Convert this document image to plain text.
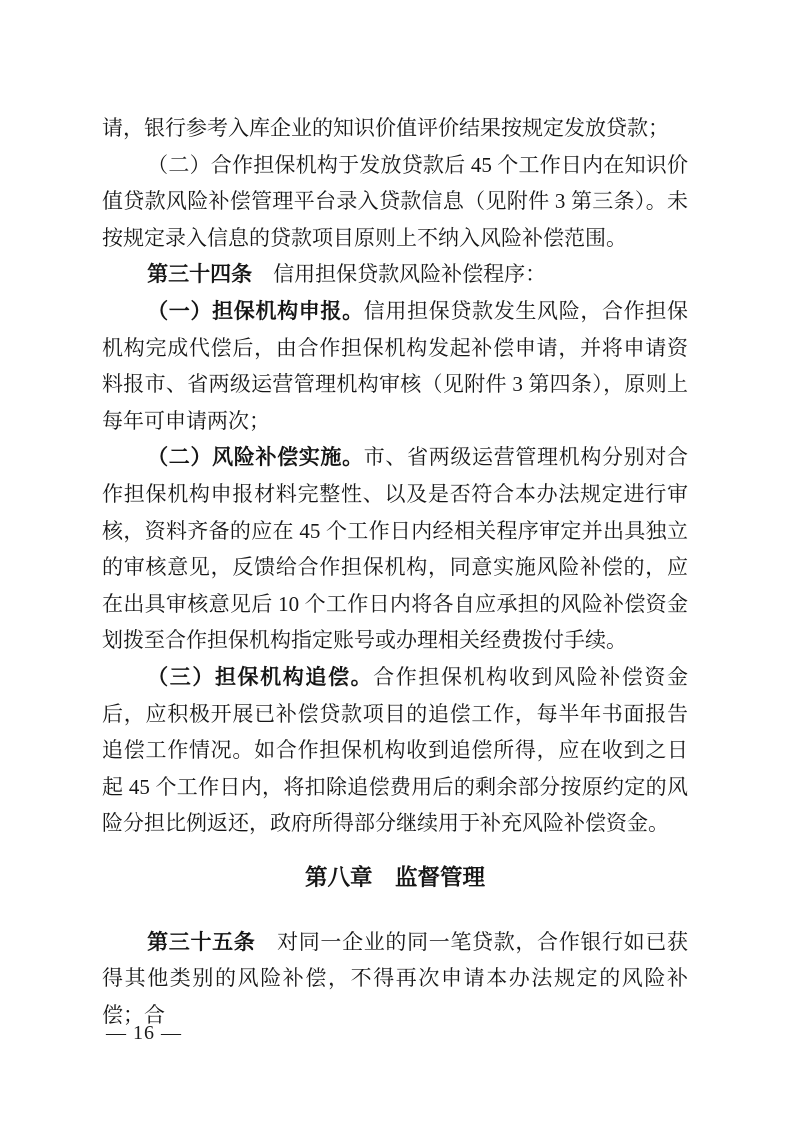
请，银行参考入库企业的知识价值评价结果按规定发放贷款；

（二）合作担保机构于发放贷款后 45 个工作日内在知识价值贷款风险补偿管理平台录入贷款信息（见附件 3 第三条）。未按规定录入信息的贷款项目原则上不纳入风险补偿范围。

第三十四条　信用担保贷款风险补偿程序：

（一）担保机构申报。信用担保贷款发生风险，合作担保机构完成代偿后，由合作担保机构发起补偿申请，并将申请资料报市、省两级运营管理机构审核（见附件 3 第四条），原则上每年可申请两次；

（二）风险补偿实施。市、省两级运营管理机构分别对合作担保机构申报材料完整性、以及是否符合本办法规定进行审核，资料齐备的应在 45 个工作日内经相关程序审定并出具独立的审核意见，反馈给合作担保机构，同意实施风险补偿的，应在出具审核意见后 10 个工作日内将各自应承担的风险补偿资金划拨至合作担保机构指定账号或办理相关经费拨付手续。

（三）担保机构追偿。合作担保机构收到风险补偿资金后，应积极开展已补偿贷款项目的追偿工作，每半年书面报告追偿工作情况。如合作担保机构收到追偿所得，应在收到之日起 45 个工作日内，将扣除追偿费用后的剩余部分按原约定的风险分担比例返还，政府所得部分继续用于补充风险补偿资金。

第八章　监督管理

第三十五条　对同一企业的同一笔贷款，合作银行如已获得其他类别的风险补偿，不得再次申请本办法规定的风险补偿；合

— 16 —
